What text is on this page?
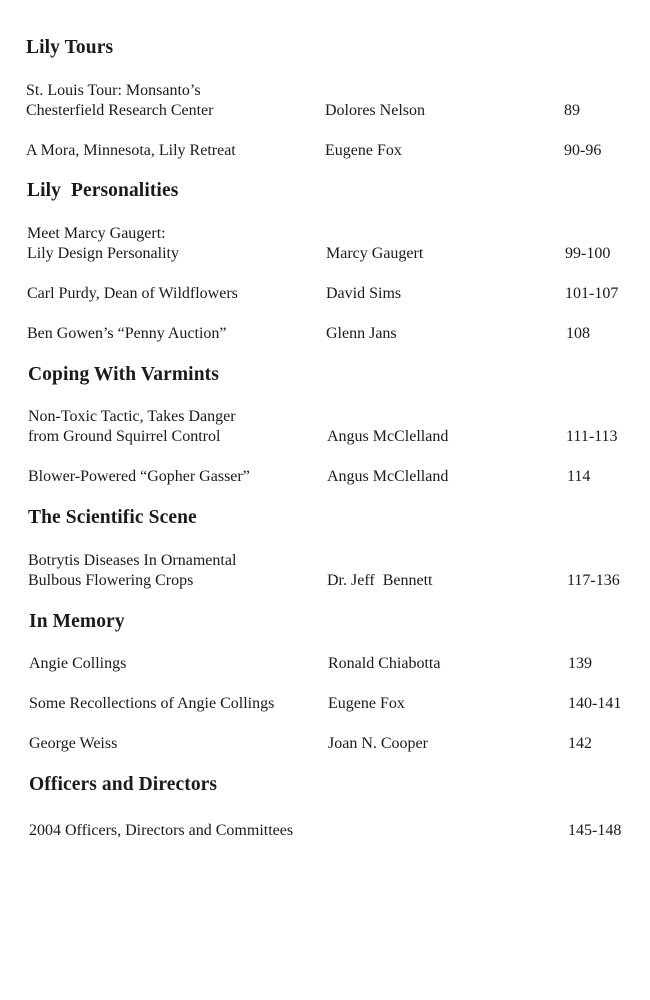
Lily Tours
St. Louis Tour: Monsanto’s
Chesterfield Research Center	Dolores Nelson	89
A Mora, Minnesota, Lily Retreat	Eugene Fox	90-96
Lily  Personalities
Meet Marcy Gaugert:
Lily Design Personality	Marcy Gaugert	99-100
Carl Purdy, Dean of Wildflowers	David Sims	101-107
Ben Gowen’s “Penny Auction”	Glenn Jans	108
Coping With Varmints
Non-Toxic Tactic, Takes Danger
from Ground Squirrel Control	Angus McClelland	111-113
Blower-Powered “Gopher Gasser”	Angus McClelland	114
The Scientific Scene
Botrytis Diseases In Ornamental
Bulbous Flowering Crops	Dr. Jeff  Bennett	117-136
In Memory
Angie Collings	Ronald Chiabotta	139
Some Recollections of Angie Collings	Eugene Fox	140-141
George Weiss	Joan N. Cooper	142
Officers and Directors
2004 Officers, Directors and Committees	145-148
